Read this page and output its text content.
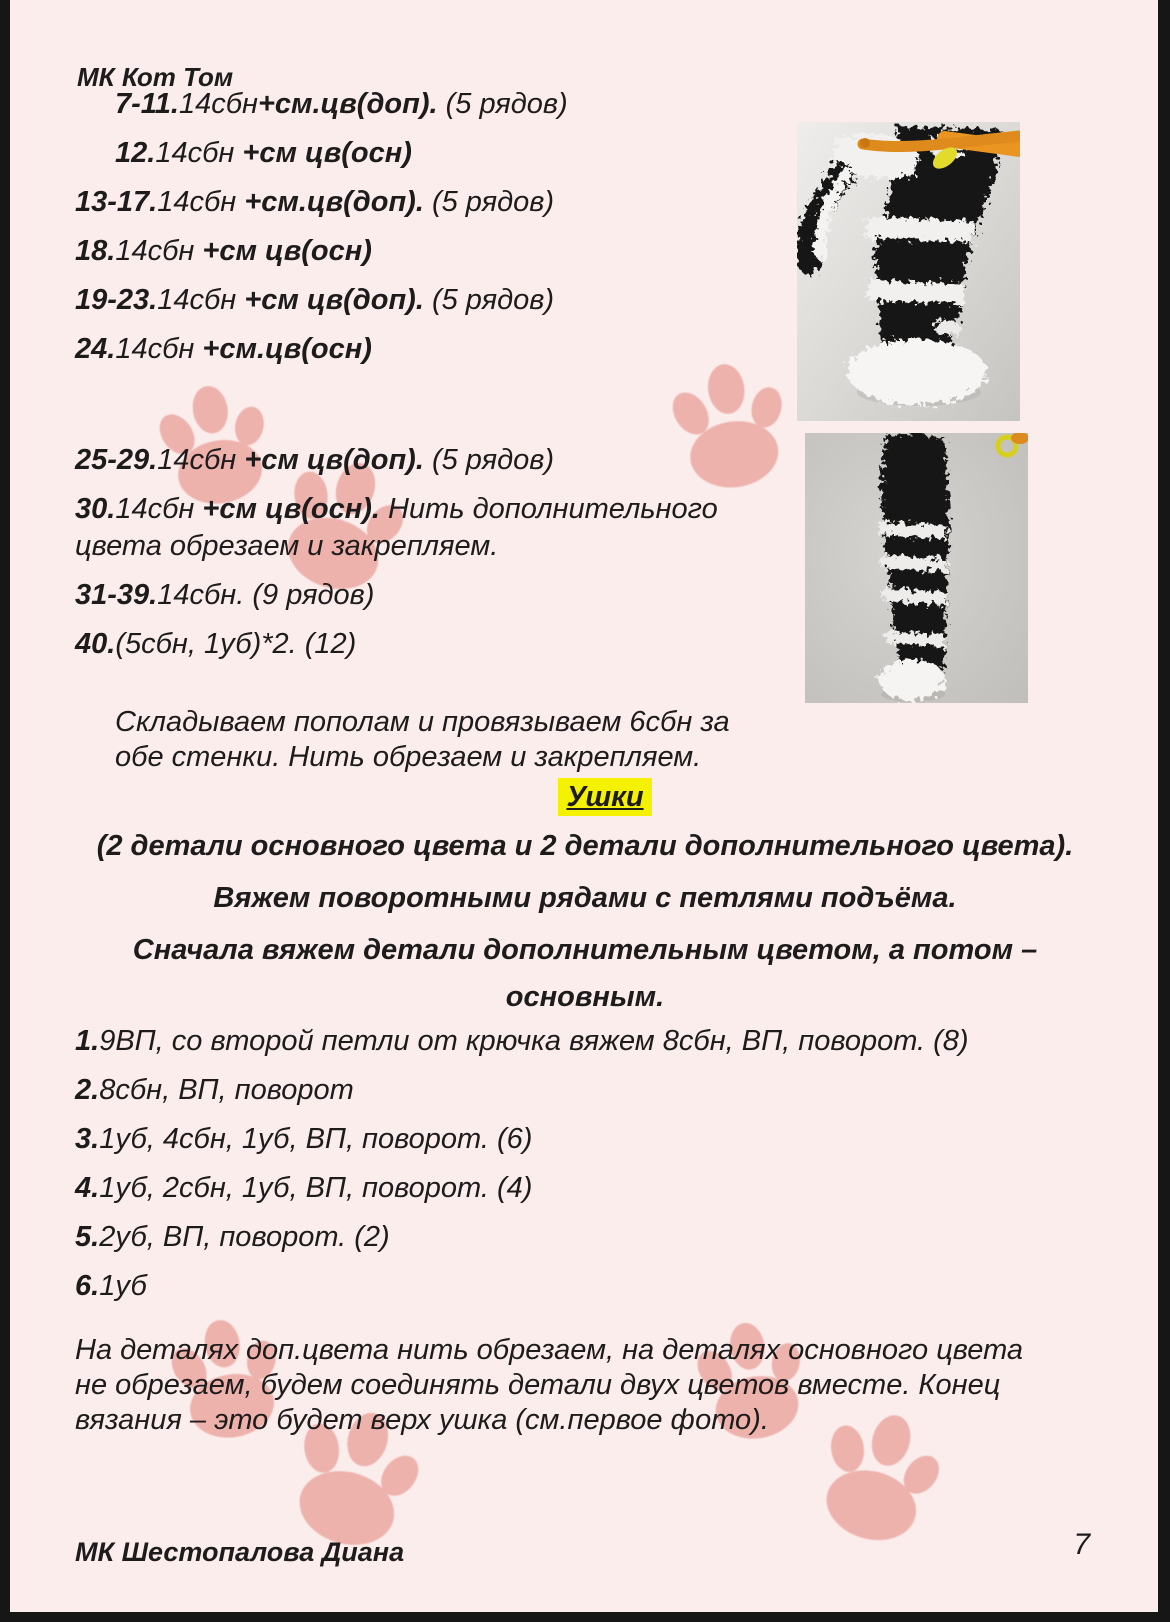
МК Кот Том
7-11.14сбн+см.цв(доп). (5 рядов)
12.14сбн +см цв(осн)
13-17.14сбн +см.цв(доп). (5 рядов)
18.14сбн +см цв(осн)
19-23.14сбн +см цв(доп). (5 рядов)
24.14сбн +см.цв(осн)
25-29.14сбн +см цв(доп). (5 рядов)
30.14сбн +см цв(осн). Нить дополнительного цвета обрезаем и закрепляем.
31-39.14сбн. (9 рядов)
40.(5сбн, 1уб)*2. (12)

Складываем пополам и провязываем 6сбн за обе стенки. Нить обрезаем и закрепляем.

Ушки
(2 детали основного цвета и 2 детали дополнительного цвета).
Вяжем поворотными рядами с петлями подъёма.
Сначала вяжем детали дополнительным цветом, а потом –
основным.
1.9ВП, со второй петли от крючка вяжем 8сбн, ВП, поворот. (8)
2.8сбн, ВП, поворот
3.1уб, 4сбн, 1уб, ВП, поворот. (6)
4.1уб, 2сбн, 1уб, ВП, поворот. (4)
5.2уб, ВП, поворот. (2)
6.1уб

На деталях доп.цвета нить обрезаем, на деталях основного цвета не обрезаем, будем соединять детали двух цветов вместе. Конец вязания – это будет верх ушка (см.первое фото).

МК Шестопалова Диана	7
